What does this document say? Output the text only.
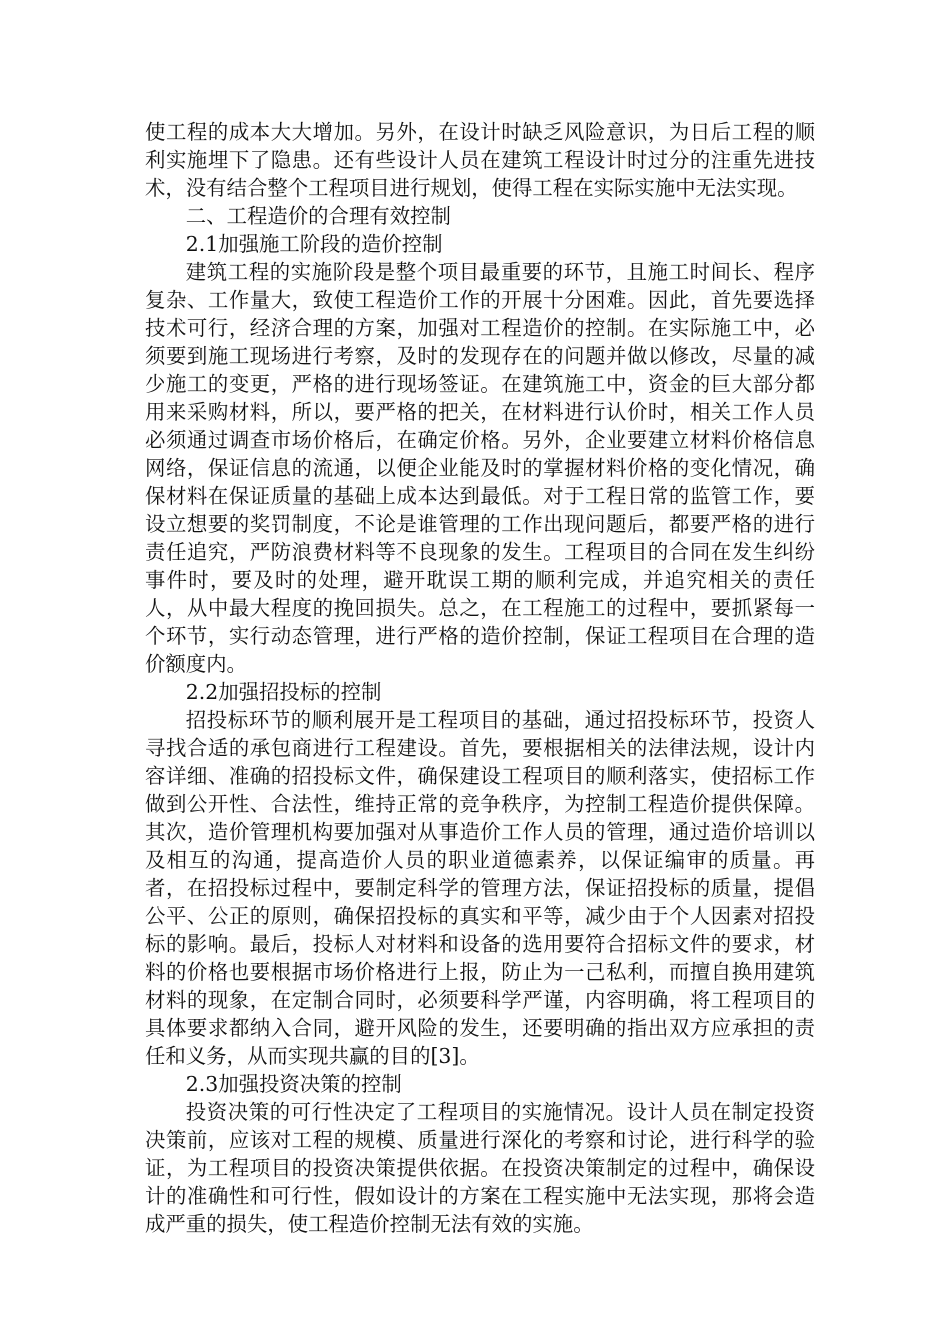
使工程的成本大大增加。另外，在设计时缺乏风险意识，为日后工程的顺利实施埋下了隐患。还有些设计人员在建筑工程设计时过分的注重先进技术，没有结合整个工程项目进行规划，使得工程在实际实施中无法实现。

二、工程造价的合理有效控制

2.1加强施工阶段的造价控制

建筑工程的实施阶段是整个项目最重要的环节，且施工时间长、程序复杂、工作量大，致使工程造价工作的开展十分困难。因此，首先要选择技术可行，经济合理的方案，加强对工程造价的控制。在实际施工中，必须要到施工现场进行考察，及时的发现存在的问题并做以修改，尽量的减少施工的变更，严格的进行现场签证。在建筑施工中，资金的巨大部分都用来采购材料，所以，要严格的把关，在材料进行认价时，相关工作人员必须通过调查市场价格后，在确定价格。另外，企业要建立材料价格信息网络，保证信息的流通，以便企业能及时的掌握材料价格的变化情况，确保材料在保证质量的基础上成本达到最低。对于工程日常的监管工作，要设立想要的奖罚制度，不论是谁管理的工作出现问题后，都要严格的进行责任追究，严防浪费材料等不良现象的发生。工程项目的合同在发生纠纷事件时，要及时的处理，避开耽误工期的顺利完成，并追究相关的责任人，从中最大程度的挽回损失。总之，在工程施工的过程中，要抓紧每一个环节，实行动态管理，进行严格的造价控制，保证工程项目在合理的造价额度内。

2.2加强招投标的控制

招投标环节的顺利展开是工程项目的基础，通过招投标环节，投资人寻找合适的承包商进行工程建设。首先，要根据相关的法律法规，设计内容详细、准确的招投标文件，确保建设工程项目的顺利落实，使招标工作做到公开性、合法性，维持正常的竞争秩序，为控制工程造价提供保障。其次，造价管理机构要加强对从事造价工作人员的管理，通过造价培训以及相互的沟通，提高造价人员的职业道德素养，以保证编审的质量。再者，在招投标过程中，要制定科学的管理方法，保证招投标的质量，提倡公平、公正的原则，确保招投标的真实和平等，减少由于个人因素对招投标的影响。最后，投标人对材料和设备的选用要符合招标文件的要求，材料的价格也要根据市场价格进行上报，防止为一己私利，而擅自换用建筑材料的现象，在定制合同时，必须要科学严谨，内容明确，将工程项目的具体要求都纳入合同，避开风险的发生，还要明确的指出双方应承担的责任和义务，从而实现共赢的目的[3]。

2.3加强投资决策的控制

投资决策的可行性决定了工程项目的实施情况。设计人员在制定投资决策前，应该对工程的规模、质量进行深化的考察和讨论，进行科学的验证，为工程项目的投资决策提供依据。在投资决策制定的过程中，确保设计的准确性和可行性，假如设计的方案在工程实施中无法实现，那将会造成严重的损失，使工程造价控制无法有效的实施。
